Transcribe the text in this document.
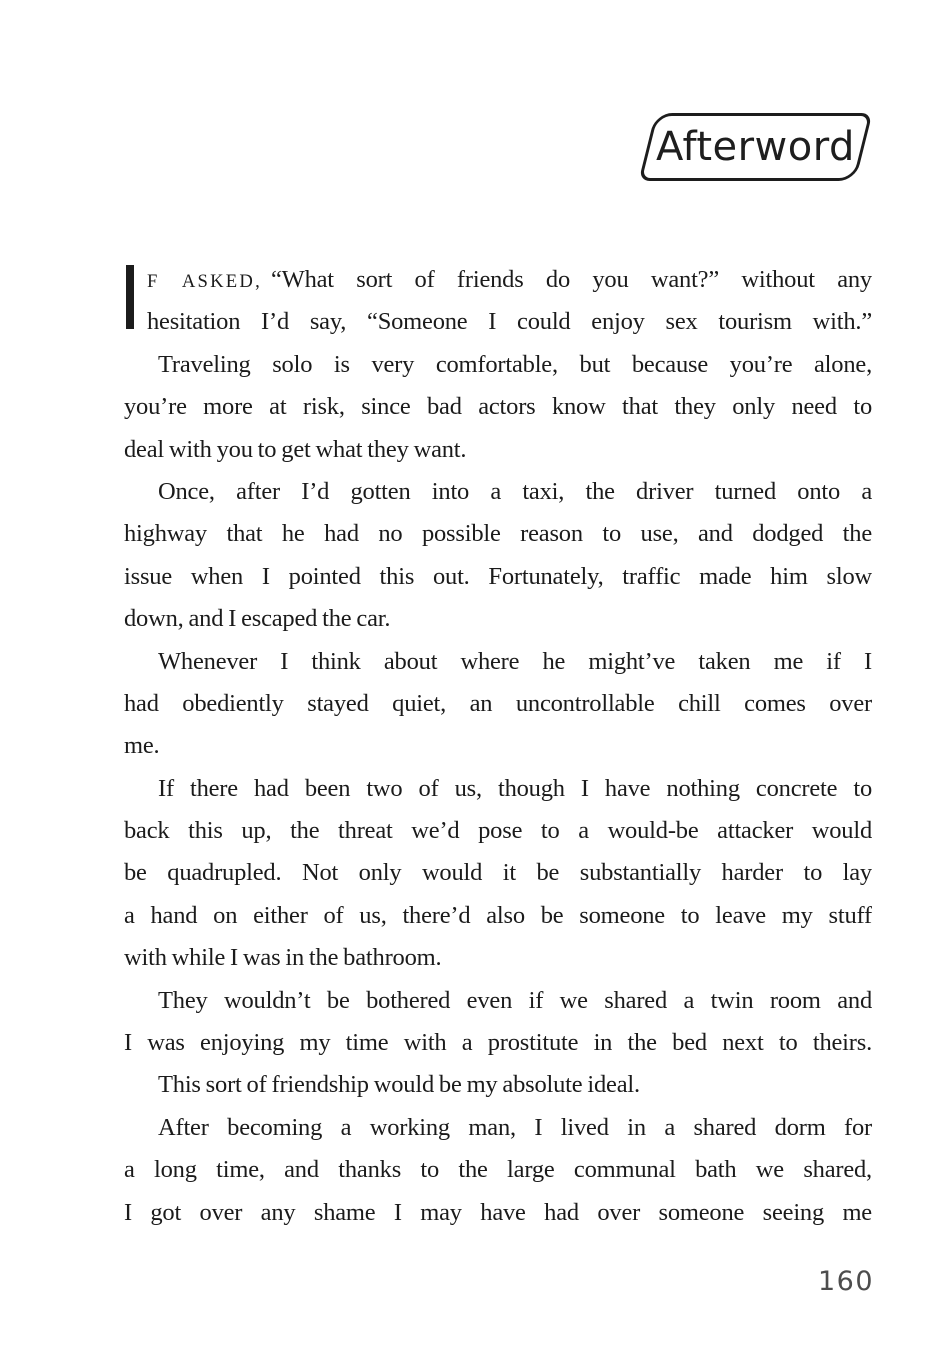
Afterword
F ASKED, “What sort of friends do you want?” without any
hesitation I’d say, “Someone I could enjoy sex tourism with.”
Traveling solo is very comfortable, but because you’re alone,
you’re more at risk, since bad actors know that they only need to
deal with you to get what they want.
Once, after I’d gotten into a taxi, the driver turned onto a
highway that he had no possible reason to use, and dodged the
issue when I pointed this out. Fortunately, traffic made him slow
down, and I escaped the car.
Whenever I think about where he might’ve taken me if I
had obediently stayed quiet, an uncontrollable chill comes over
me.
If there had been two of us, though I have nothing concrete to
back this up, the threat we’d pose to a would-be attacker would
be quadrupled. Not only would it be substantially harder to lay
a hand on either of us, there’d also be someone to leave my stuff
with while I was in the bathroom.
They wouldn’t be bothered even if we shared a twin room and
I was enjoying my time with a prostitute in the bed next to theirs.
This sort of friendship would be my absolute ideal.
After becoming a working man, I lived in a shared dorm for
a long time, and thanks to the large communal bath we shared,
I got over any shame I may have had over someone seeing me
160
